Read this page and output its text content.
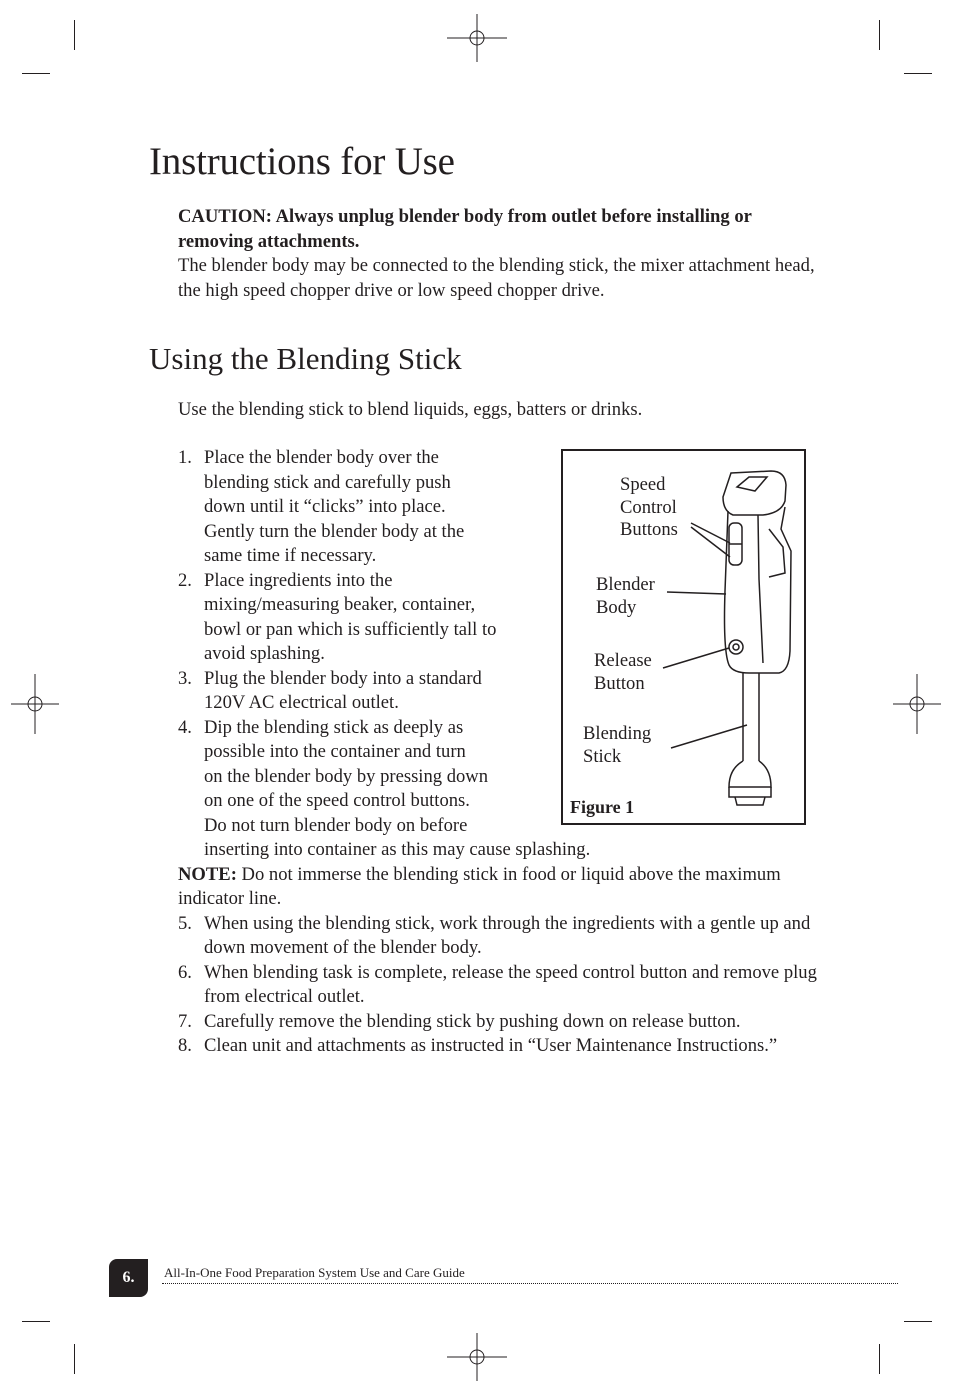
Instructions for Use
CAUTION: Always unplug blender body from outlet before installing or removing attachments.
The blender body may be connected to the blending stick, the mixer attachment head, the high speed chopper drive or low speed chopper drive.
Using the Blending Stick
Use the blending stick to blend liquids, eggs, batters or drinks.
1. Place the blender body over the
blending stick and carefully push
down until it “clicks” into place.
Gently turn the blender body at the
same time if necessary.
2. Place ingredients into the
mixing/measuring beaker, container,
bowl or pan which is sufficiently tall to
avoid splashing.
3. Plug the blender body into a standard
120V AC electrical outlet.
4. Dip the blending stick as deeply as
possible into the container and turn
on the blender body by pressing down
on one of the speed control buttons.
Do not turn blender body on before
inserting into container as this may cause splashing.
NOTE: Do not immerse the blending stick in food or liquid above the maximum indicator line.
5. When using the blending stick, work through the ingredients with a gentle up and down movement of the blender body.
6. When blending task is complete, release the speed control button and remove plug from electrical outlet.
7. Carefully remove the blending stick by pushing down on release button.
8. Clean unit and attachments as instructed in “User Maintenance Instructions.”
Speed
Control
Buttons
Blender
Body
Release
Button
Blending
Stick
Figure 1
6.	All-In-One Food Preparation System Use and Care Guide
